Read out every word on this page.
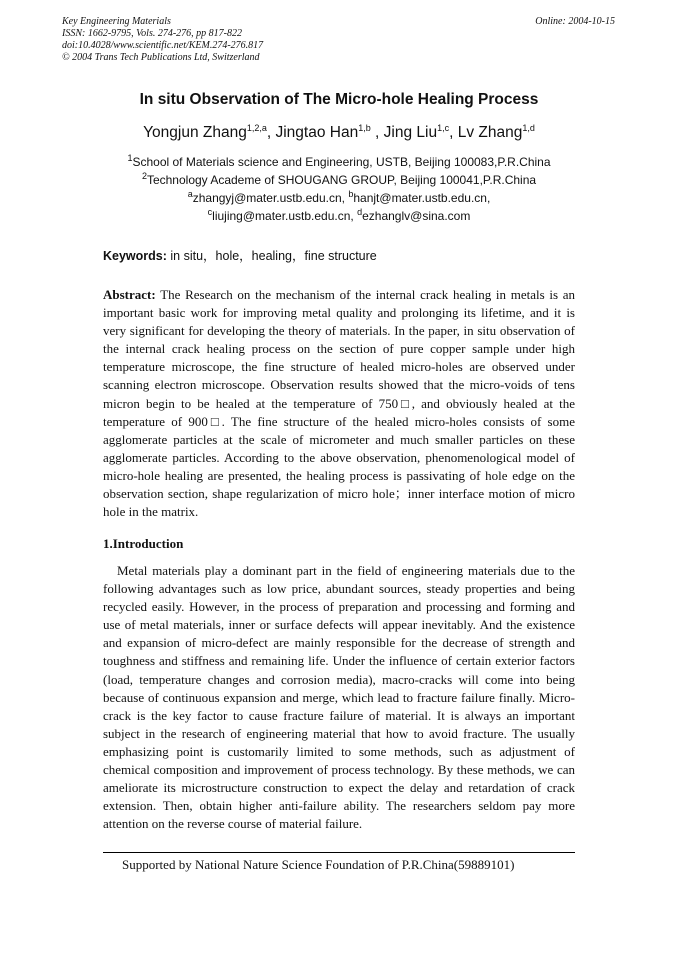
Key Engineering Materials
ISSN: 1662-9795, Vols. 274-276, pp 817-822
doi:10.4028/www.scientific.net/KEM.274-276.817
© 2004 Trans Tech Publications Ltd, Switzerland
Online: 2004-10-15
In situ Observation of The Micro-hole Healing Process
Yongjun Zhang$^{1,2,a}$, Jingtao Han$^{1,b}$ , Jing Liu$^{1,c}$, Lv Zhang$^{1,d}$
$^1$School of Materials science and Engineering, USTB, Beijing 100083,P.R.China
$^2$Technology Academe of SHOUGANG GROUP, Beijing 100041,P.R.China
$^a$zhangyj@mater.ustb.edu.cn, $^b$hanjt@mater.ustb.edu.cn,
$^c$liujing@mater.ustb.edu.cn, $^d$ezhanglv@sina.com
Keywords: in situ，hole，healing，fine structure
Abstract: The Research on the mechanism of the internal crack healing in metals is an important basic work for improving metal quality and prolonging its lifetime, and it is very significant for developing the theory of materials. In the paper, in situ observation of the internal crack healing process on the section of pure copper sample under high temperature microscope, the fine structure of healed micro-holes are observed under scanning electron microscope. Observation results showed that the micro-voids of tens micron begin to be healed at the temperature of 750□, and obviously healed at the temperature of 900□. The fine structure of the healed micro-holes consists of some agglomerate particles at the scale of micrometer and much smaller particles on these agglomerate particles. According to the above observation, phenomenological model of micro-hole healing are presented, the healing process is passivating of hole edge on the observation section, shape regularization of micro hole；inner interface motion of micro hole in the matrix.
1.Introduction
Metal materials play a dominant part in the field of engineering materials due to the following advantages such as low price, abundant sources, steady properties and being recycled easily. However, in the process of preparation and processing and forming and use of metal materials, inner or surface defects will appear inevitably. And the existence and expansion of micro-defect are mainly responsible for the decrease of strength and toughness and stiffness and remaining life. Under the influence of certain exterior factors (load, temperature changes and corrosion media), macro-cracks will come into being because of continuous expansion and merge, which lead to fracture failure finally. Micro-crack is the key factor to cause fracture failure of material. It is always an important subject in the research of engineering material that how to avoid fracture. The usually emphasizing point is customarily limited to some methods, such as adjustment of chemical composition and improvement of process technology. By these methods, we can ameliorate its microstructure construction to expect the delay and retardation of crack extension. Then, obtain higher anti-failure ability. The researchers seldom pay more attention on the reverse course of material failure.
Supported by National Nature Science Foundation of P.R.China(59889101)
